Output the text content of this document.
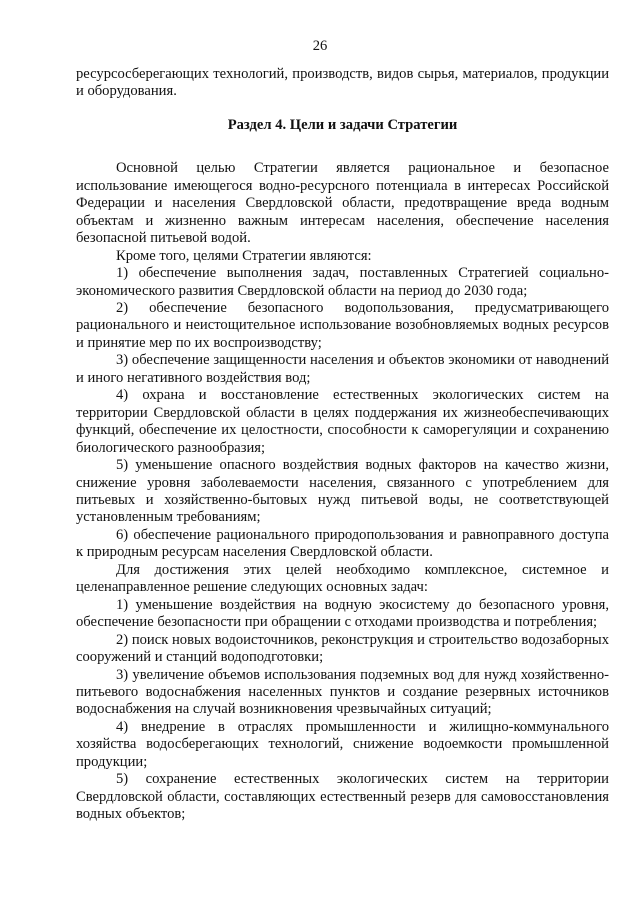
26

ресурсосберегающих технологий, производств, видов сырья, материалов, продукции и оборудования.

Раздел 4. Цели и задачи Стратегии

Основной целью Стратегии является рациональное и безопасное использование имеющегося водно-ресурсного потенциала в интересах Российской Федерации и населения Свердловской области, предотвращение вреда водным объектам и жизненно важным интересам населения, обеспечение населения безопасной питьевой водой.

Кроме того, целями Стратегии являются:

1) обеспечение выполнения задач, поставленных Стратегией социально-экономического развития Свердловской области на период до 2030 года;

2) обеспечение безопасного водопользования, предусматривающего рационального и неистощительное использование возобновляемых водных ресурсов и принятие мер по их воспроизводству;

3) обеспечение защищенности населения и объектов экономики от наводнений и иного негативного воздействия вод;

4) охрана и восстановление естественных экологических систем на территории Свердловской области в целях поддержания их жизнеобеспечивающих функций, обеспечение их целостности, способности к саморегуляции и сохранению биологического разнообразия;

5) уменьшение опасного воздействия водных факторов на качество жизни, снижение уровня заболеваемости населения, связанного с употреблением для питьевых и хозяйственно-бытовых нужд питьевой воды, не соответствующей установленным требованиям;

6) обеспечение рационального природопользования и равноправного доступа к природным ресурсам населения Свердловской области.

Для достижения этих целей необходимо комплексное, системное и целенаправленное решение следующих основных задач:

1) уменьшение воздействия на водную экосистему до безопасного уровня, обеспечение безопасности при обращении с отходами производства и потребления;

2) поиск новых водоисточников, реконструкция и строительство водозаборных сооружений и станций водоподготовки;

3) увеличение объемов использования подземных вод для нужд хозяйственно-питьевого водоснабжения населенных пунктов и создание резервных источников водоснабжения на случай возникновения чрезвычайных ситуаций;

4) внедрение в отраслях промышленности и жилищно-коммунального хозяйства водосберегающих технологий, снижение водоемкости промышленной продукции;

5) сохранение естественных экологических систем на территории Свердловской области, составляющих естественный резерв для самовосстановления водных объектов;
